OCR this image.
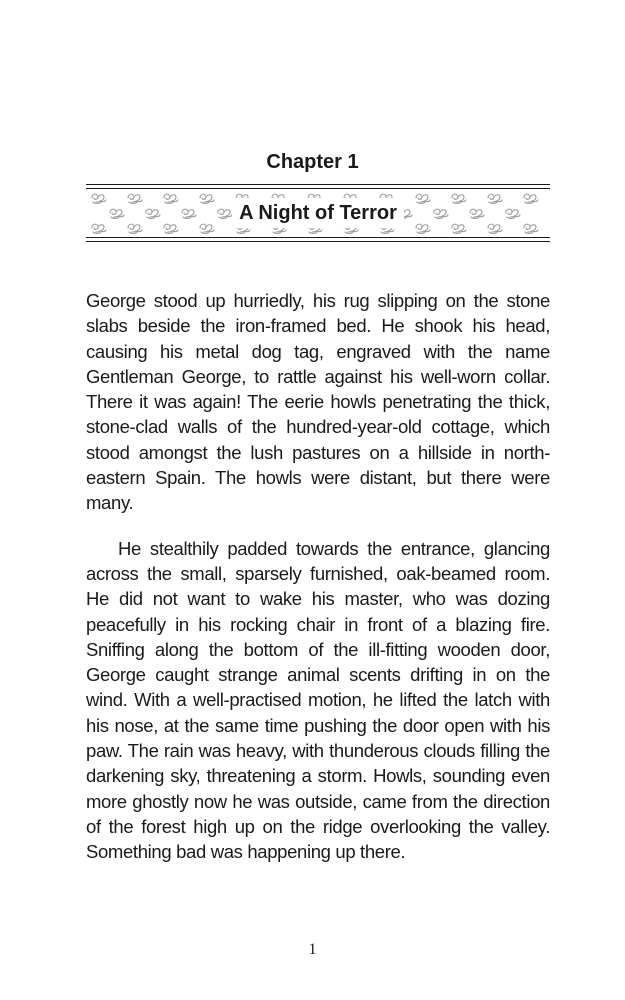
Chapter 1
A Night of Terror

George stood up hurriedly, his rug slipping on the stone slabs beside the iron-framed bed. He shook his head, causing his metal dog tag, engraved with the name Gentleman George, to rattle against his well-worn collar. There it was again! The eerie howls penetrating the thick, stone-clad walls of the hundred-year-old cottage, which stood amongst the lush pastures on a hillside in north-eastern Spain. The howls were distant, but there were many.

He stealthily padded towards the entrance, glancing across the small, sparsely furnished, oak-beamed room. He did not want to wake his master, who was dozing peacefully in his rocking chair in front of a blazing fire. Sniffing along the bottom of the ill-fitting wooden door, George caught strange animal scents drifting in on the wind. With a well-practised motion, he lifted the latch with his nose, at the same time pushing the door open with his paw. The rain was heavy, with thunderous clouds filling the darkening sky, threatening a storm. Howls, sounding even more ghostly now he was outside, came from the direction of the forest high up on the ridge overlooking the valley. Something bad was happening up there.

1
